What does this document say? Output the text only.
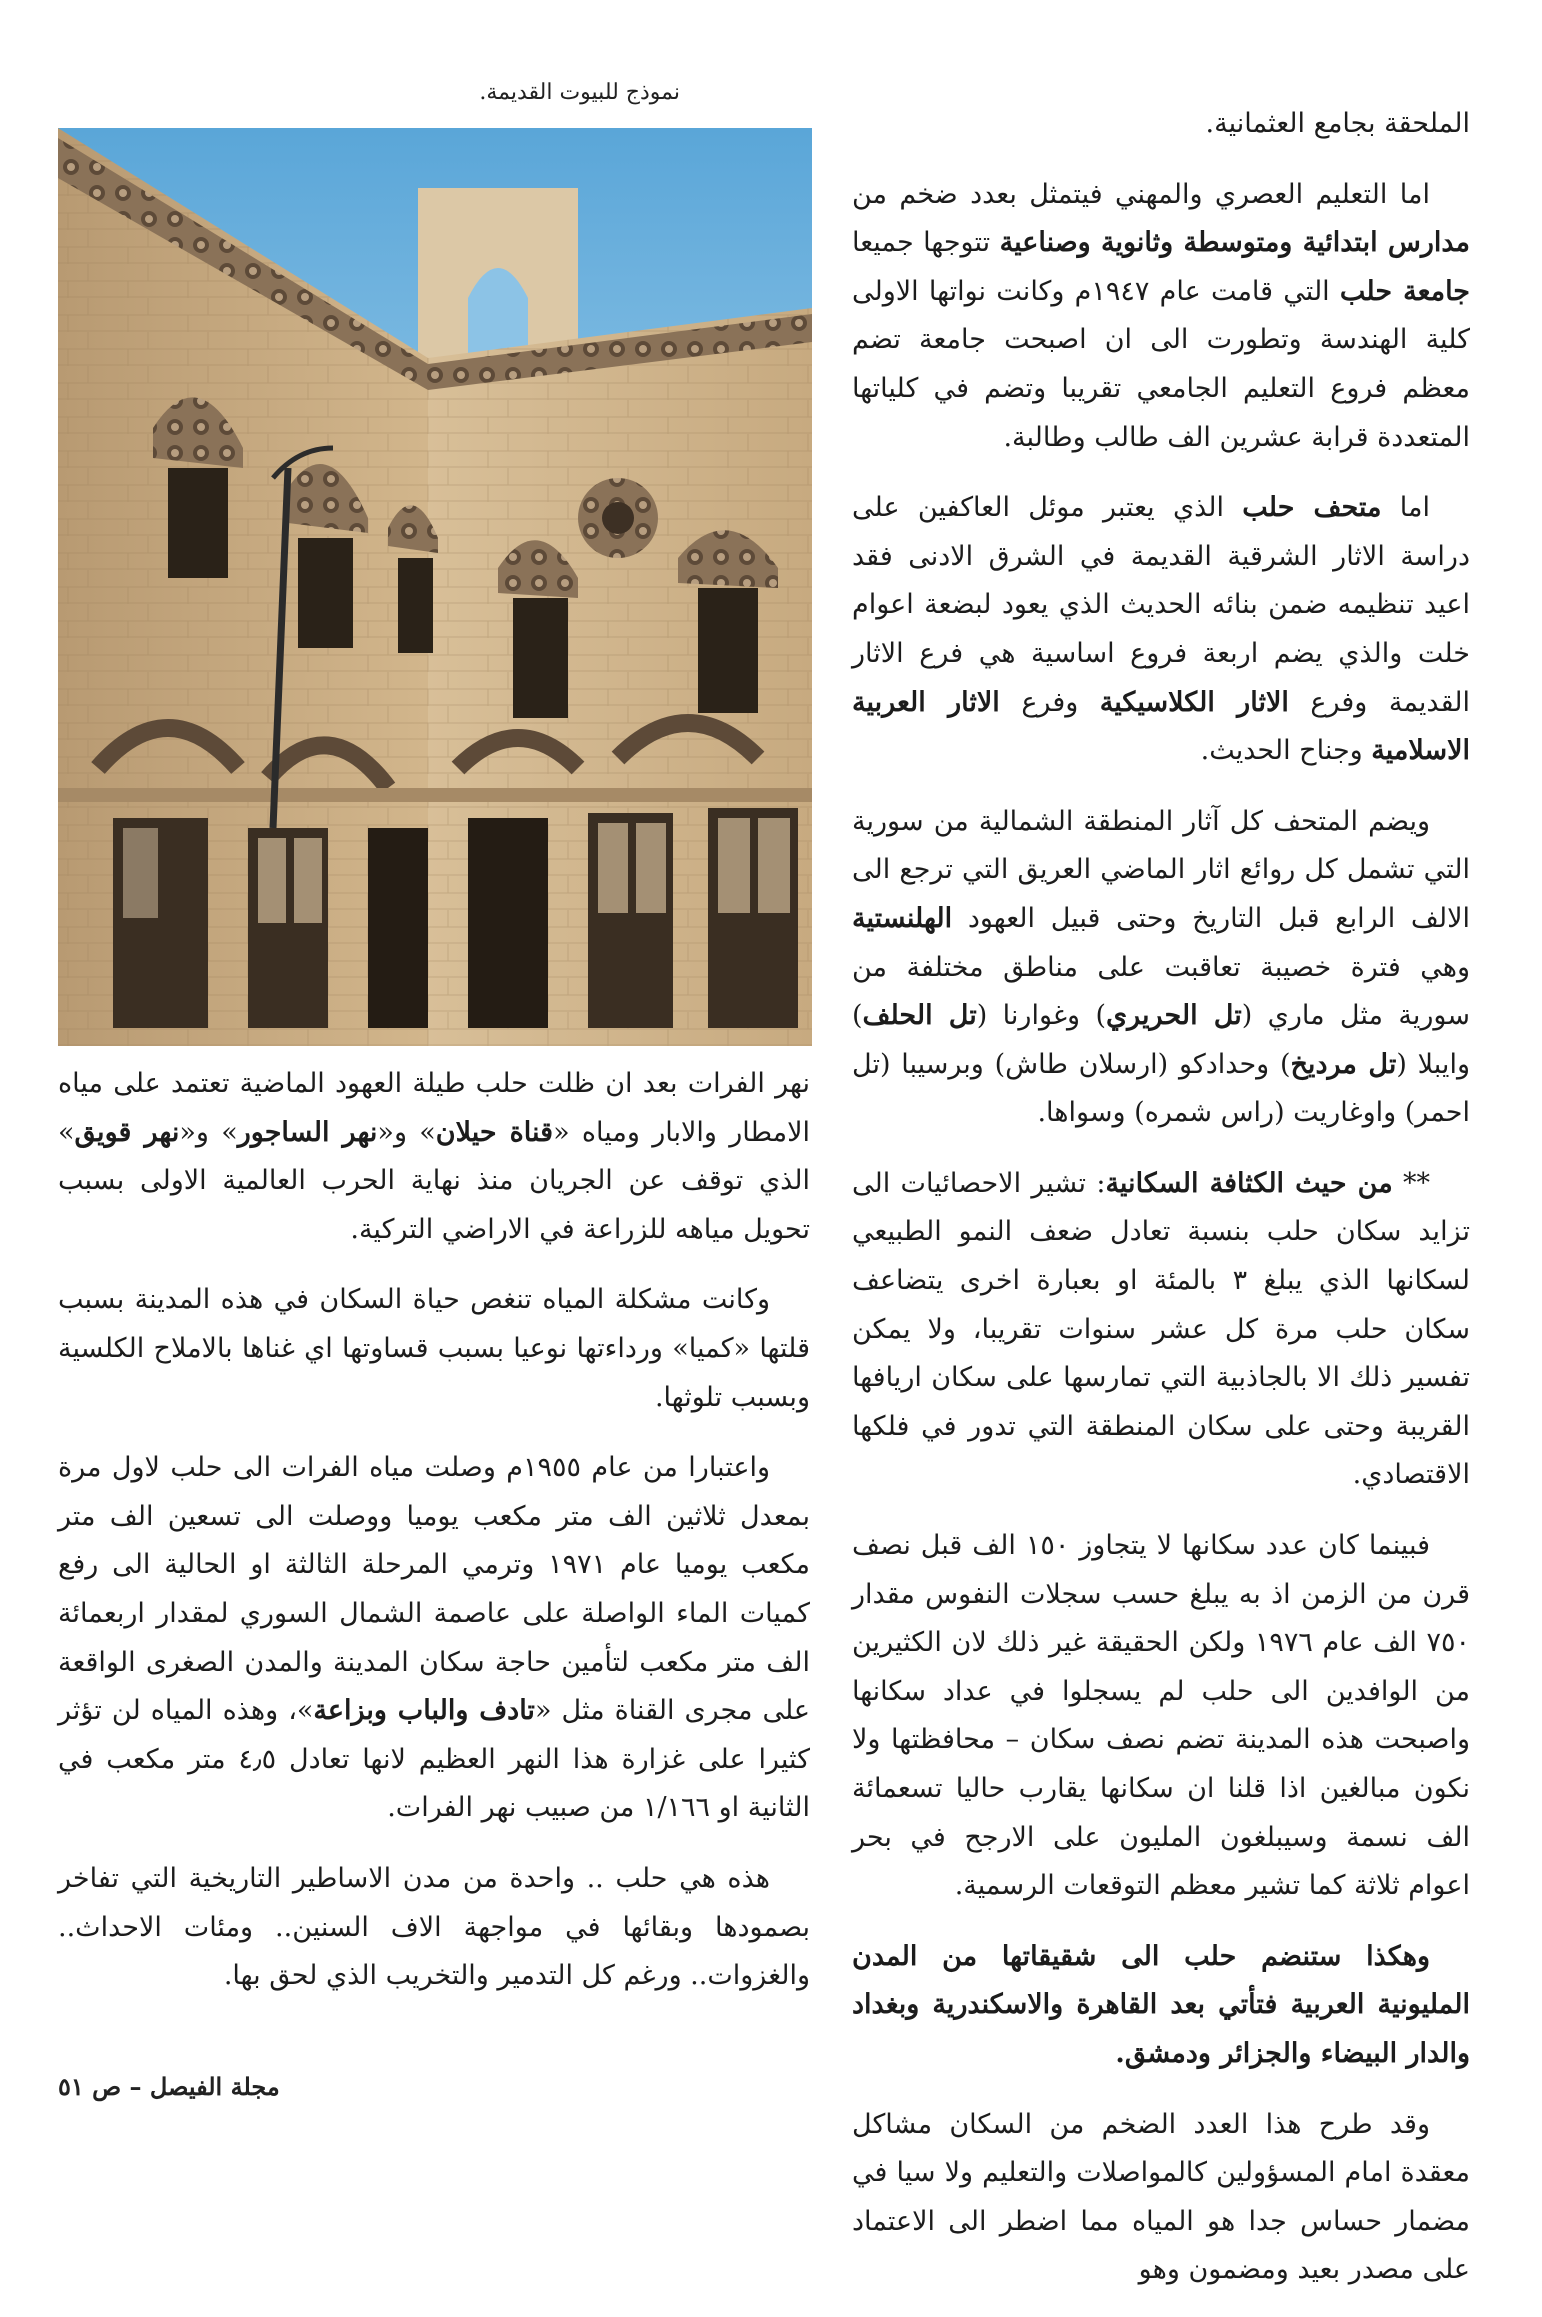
نموذج للبيوت القديمة.

الملحقة بجامع العثمانية.

اما التعليم العصري والمهني فيتمثل بعدد ضخم من مدارس ابتدائية ومتوسطة وثانوية وصناعية تتوجها جميعا جامعة حلب التي قامت عام ١٩٤٧م وكانت نواتها الاولى كلية الهندسة وتطورت الى ان اصبحت جامعة تضم معظم فروع التعليم الجامعي تقريبا وتضم في كلياتها المتعددة قرابة عشرين الف طالب وطالبة.

اما متحف حلب الذي يعتبر موئل العاكفين على دراسة الاثار الشرقية القديمة في الشرق الادنى فقد اعيد تنظيمه ضمن بنائه الحديث الذي يعود لبضعة اعوام خلت والذي يضم اربعة فروع اساسية هي فرع الاثار القديمة وفرع الاثار الكلاسيكية وفرع الاثار العربية الاسلامية وجناح الحديث.

ويضم المتحف كل آثار المنطقة الشمالية من سورية التي تشمل كل روائع اثار الماضي العريق التي ترجع الى الالف الرابع قبل التاريخ وحتى قبيل العهود الهلنستية وهي فترة خصيبة تعاقبت على مناطق مختلفة من سورية مثل ماري (تل الحريري) وغوارنا (تل الحلف) وايبلا (تل مرديخ) وحدادكو (ارسلان طاش) وبرسيبا (تل احمر) واوغاريت (راس شمره) وسواها.

** من حيث الكثافة السكانية: تشير الاحصائيات الى تزايد سكان حلب بنسبة تعادل ضعف النمو الطبيعي لسكانها الذي يبلغ ٣ بالمئة او بعبارة اخرى يتضاعف سكان حلب مرة كل عشر سنوات تقريبا، ولا يمكن تفسير ذلك الا بالجاذبية التي تمارسها على سكان اريافها القريبة وحتى على سكان المنطقة التي تدور في فلكها الاقتصادي.

فبينما كان عدد سكانها لا يتجاوز ١٥٠ الف قبل نصف قرن من الزمن اذ به يبلغ حسب سجلات النفوس مقدار ٧٥٠ الف عام ١٩٧٦ ولكن الحقيقة غير ذلك لان الكثيرين من الوافدين الى حلب لم يسجلوا في عداد سكانها واصبحت هذه المدينة تضم نصف سكان – محافظتها ولا نكون مبالغين اذا قلنا ان سكانها يقارب حاليا تسعمائة الف نسمة وسيبلغون المليون على الارجح في بحر اعوام ثلاثة كما تشير معظم التوقعات الرسمية.

وهكذا ستنضم حلب الى شقيقاتها من المدن المليونية العربية فتأتي بعد القاهرة والاسكندرية وبغداد والدار البيضاء والجزائر ودمشق.

وقد طرح هذا العدد الضخم من السكان مشاكل معقدة امام المسؤولين كالمواصلات والتعليم ولا سيا في مضمار حساس جدا هو المياه مما اضطر الى الاعتماد على مصدر بعيد ومضمون وهو

نهر الفرات بعد ان ظلت حلب طيلة العهود الماضية تعتمد على مياه الامطار والابار ومياه «قناة حيلان» و«نهر الساجور» و«نهر قويق» الذي توقف عن الجريان منذ نهاية الحرب العالمية الاولى بسبب تحويل مياهه للزراعة في الاراضي التركية.

وكانت مشكلة المياه تنغص حياة السكان في هذه المدينة بسبب قلتها «كميا» ورداءتها نوعيا بسبب قساوتها اي غناها بالاملاح الكلسية وبسبب تلوثها.

واعتبارا من عام ١٩٥٥م وصلت مياه الفرات الى حلب لاول مرة بمعدل ثلاثين الف متر مكعب يوميا ووصلت الى تسعين الف متر مكعب يوميا عام ١٩٧١ وترمي المرحلة الثالثة او الحالية الى رفع كميات الماء الواصلة على عاصمة الشمال السوري لمقدار اربعمائة الف متر مكعب لتأمين حاجة سكان المدينة والمدن الصغرى الواقعة على مجرى القناة مثل «تادف والباب وبزاعة»، وهذه المياه لن تؤثر كثيرا على غزارة هذا النهر العظيم لانها تعادل ٤٫٥ متر مكعب في الثانية او ١/١٦٦ من صبيب نهر الفرات.

هذه هي حلب .. واحدة من مدن الاساطير التاريخية التي تفاخر بصمودها وبقائها في مواجهة الاف السنين.. ومئات الاحداث.. والغزوات.. ورغم كل التدمير والتخريب الذي لحق بها.

مجلة الفيصل – ص ٥١
